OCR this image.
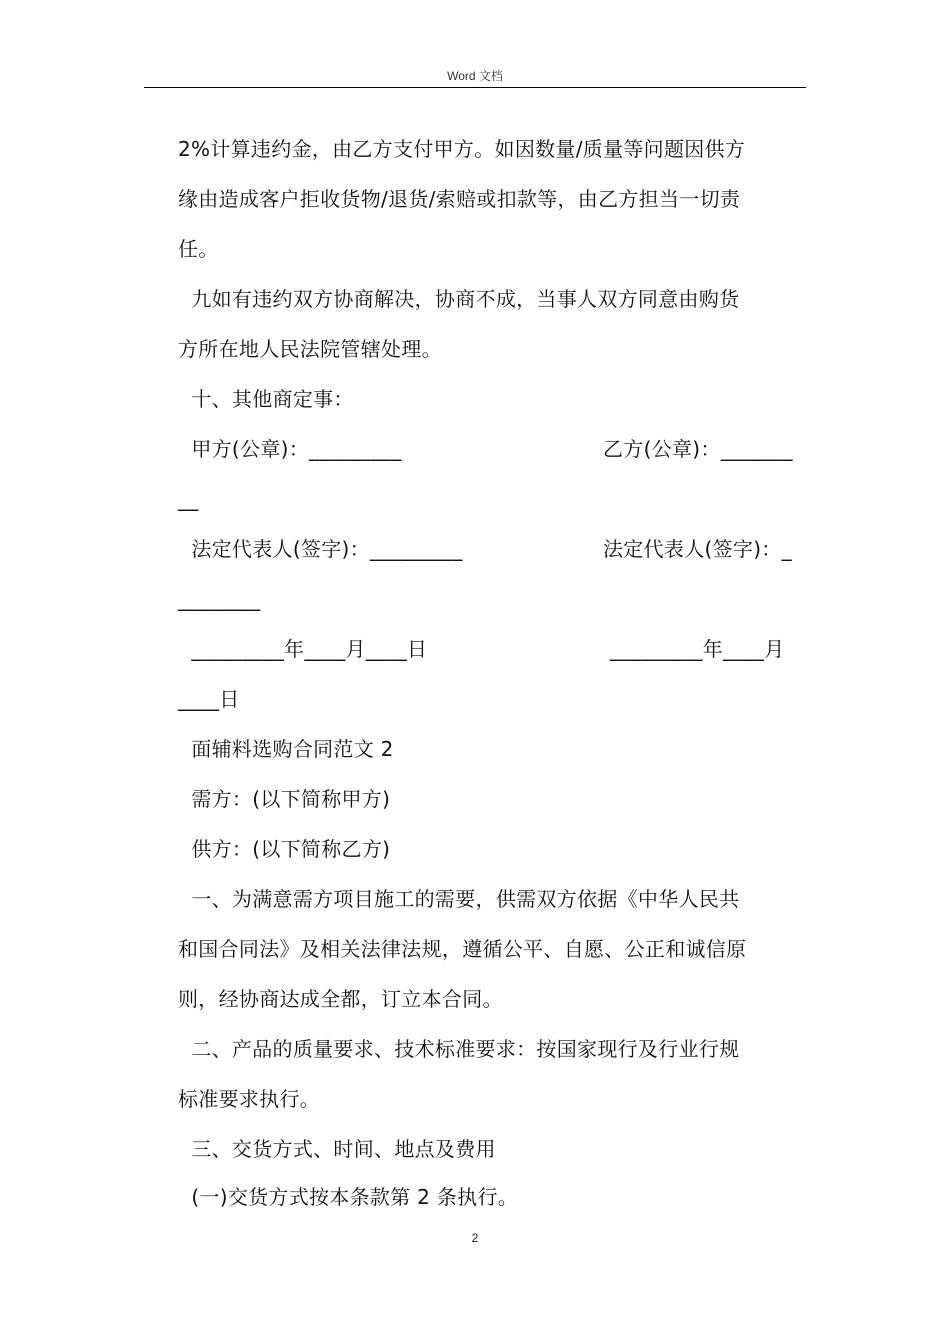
Word 文档
2%计算违约金，由乙方支付甲方。如因数量/质量等问题因供方
缘由造成客户拒收货物/退货/索赔或扣款等，由乙方担当一切责
任。
九如有违约双方协商解决，协商不成，当事人双方同意由购货
方所在地人民法院管辖处理。
十、其他商定事：
甲方(公章)：_________	乙方(公章)：_______
__
法定代表人(签字)：_________	法定代表人(签字)：_
________
_________年____月____日	_________年____月
____日
面辅料选购合同范文 2
需方：(以下简称甲方)
供方：(以下简称乙方)
一、为满意需方项目施工的需要，供需双方依据《中华人民共
和国合同法》及相关法律法规，遵循公平、自愿、公正和诚信原
则，经协商达成全都，订立本合同。
二、产品的质量要求、技术标准要求：按国家现行及行业行规
标准要求执行。
三、交货方式、时间、地点及费用
(一)交货方式按本条款第 2 条执行。
2
